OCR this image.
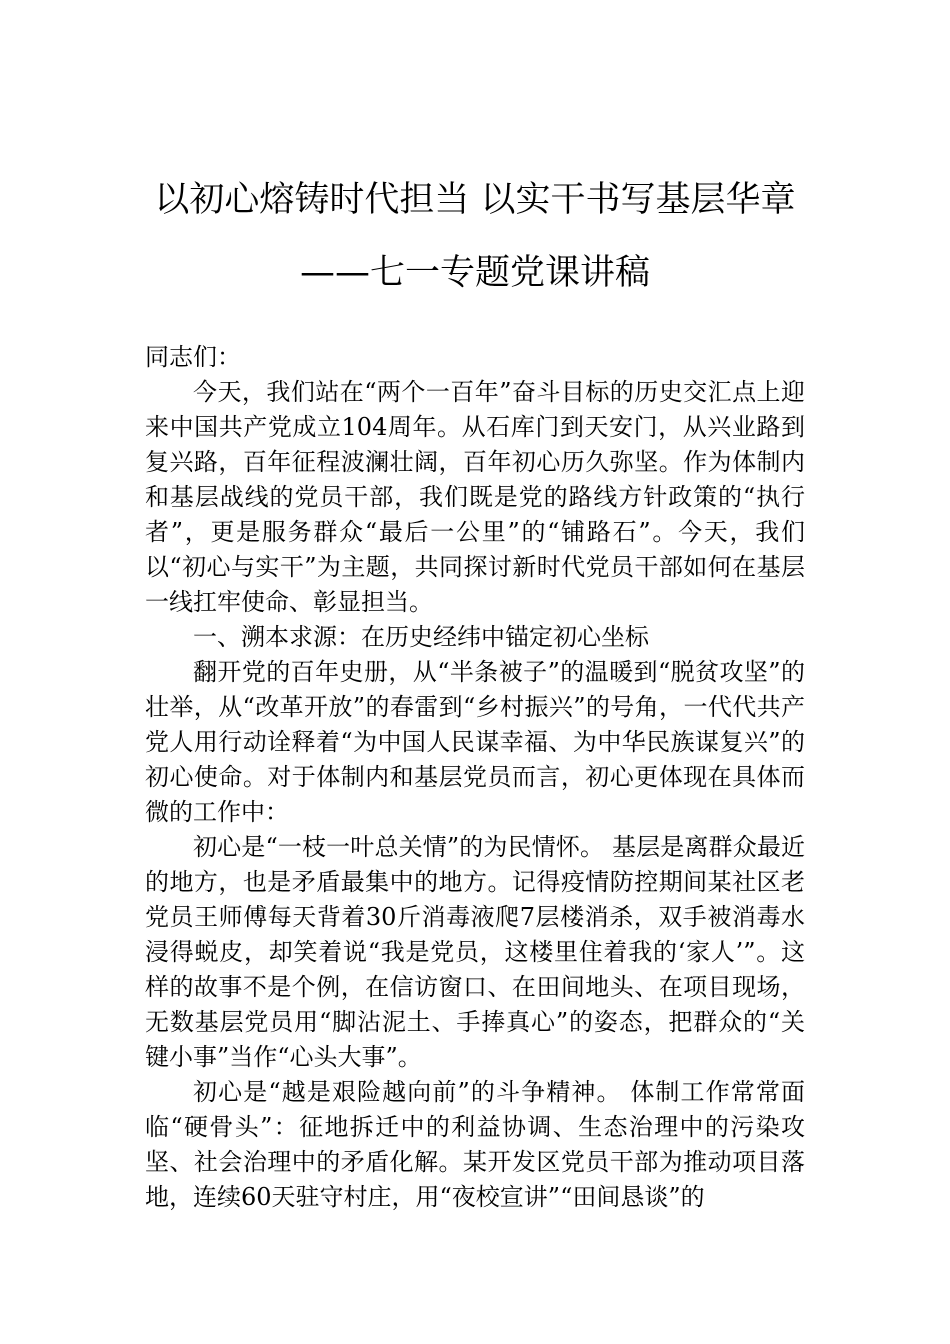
以初心熔铸时代担当 以实干书写基层华章
——七一专题党课讲稿

同志们：

今天，我们站在“两个一百年”奋斗目标的历史交汇点上迎来中国共产党成立104周年。从石库门到天安门，从兴业路到复兴路，百年征程波澜壮阔，百年初心历久弥坚。作为体制内和基层战线的党员干部，我们既是党的路线方针政策的“执行者”，更是服务群众“最后一公里”的“铺路石”。今天，我们以“初心与实干”为主题，共同探讨新时代党员干部如何在基层一线扛牢使命、彰显担当。

一、溯本求源：在历史经纬中锚定初心坐标

翻开党的百年史册，从“半条被子”的温暖到“脱贫攻坚”的壮举，从“改革开放”的春雷到“乡村振兴”的号角，一代代共产党人用行动诠释着“为中国人民谋幸福、为中华民族谋复兴”的初心使命。对于体制内和基层党员而言，初心更体现在具体而微的工作中：

初心是“一枝一叶总关情”的为民情怀。 基层是离群众最近的地方，也是矛盾最集中的地方。记得疫情防控期间某社区老党员王师傅每天背着30斤消毒液爬7层楼消杀，双手被消毒水浸得蜕皮，却笑着说“我是党员，这楼里住着我的‘家人’”。这样的故事不是个例，在信访窗口、在田间地头、在项目现场，无数基层党员用“脚沾泥土、手捧真心”的姿态，把群众的“关键小事”当作“心头大事”。

初心是“越是艰险越向前”的斗争精神。 体制工作常常面临“硬骨头”：征地拆迁中的利益协调、生态治理中的污染攻坚、社会治理中的矛盾化解。某开发区党员干部为推动项目落地，连续60天驻守村庄，用“夜校宣讲”“田间恳谈”的
